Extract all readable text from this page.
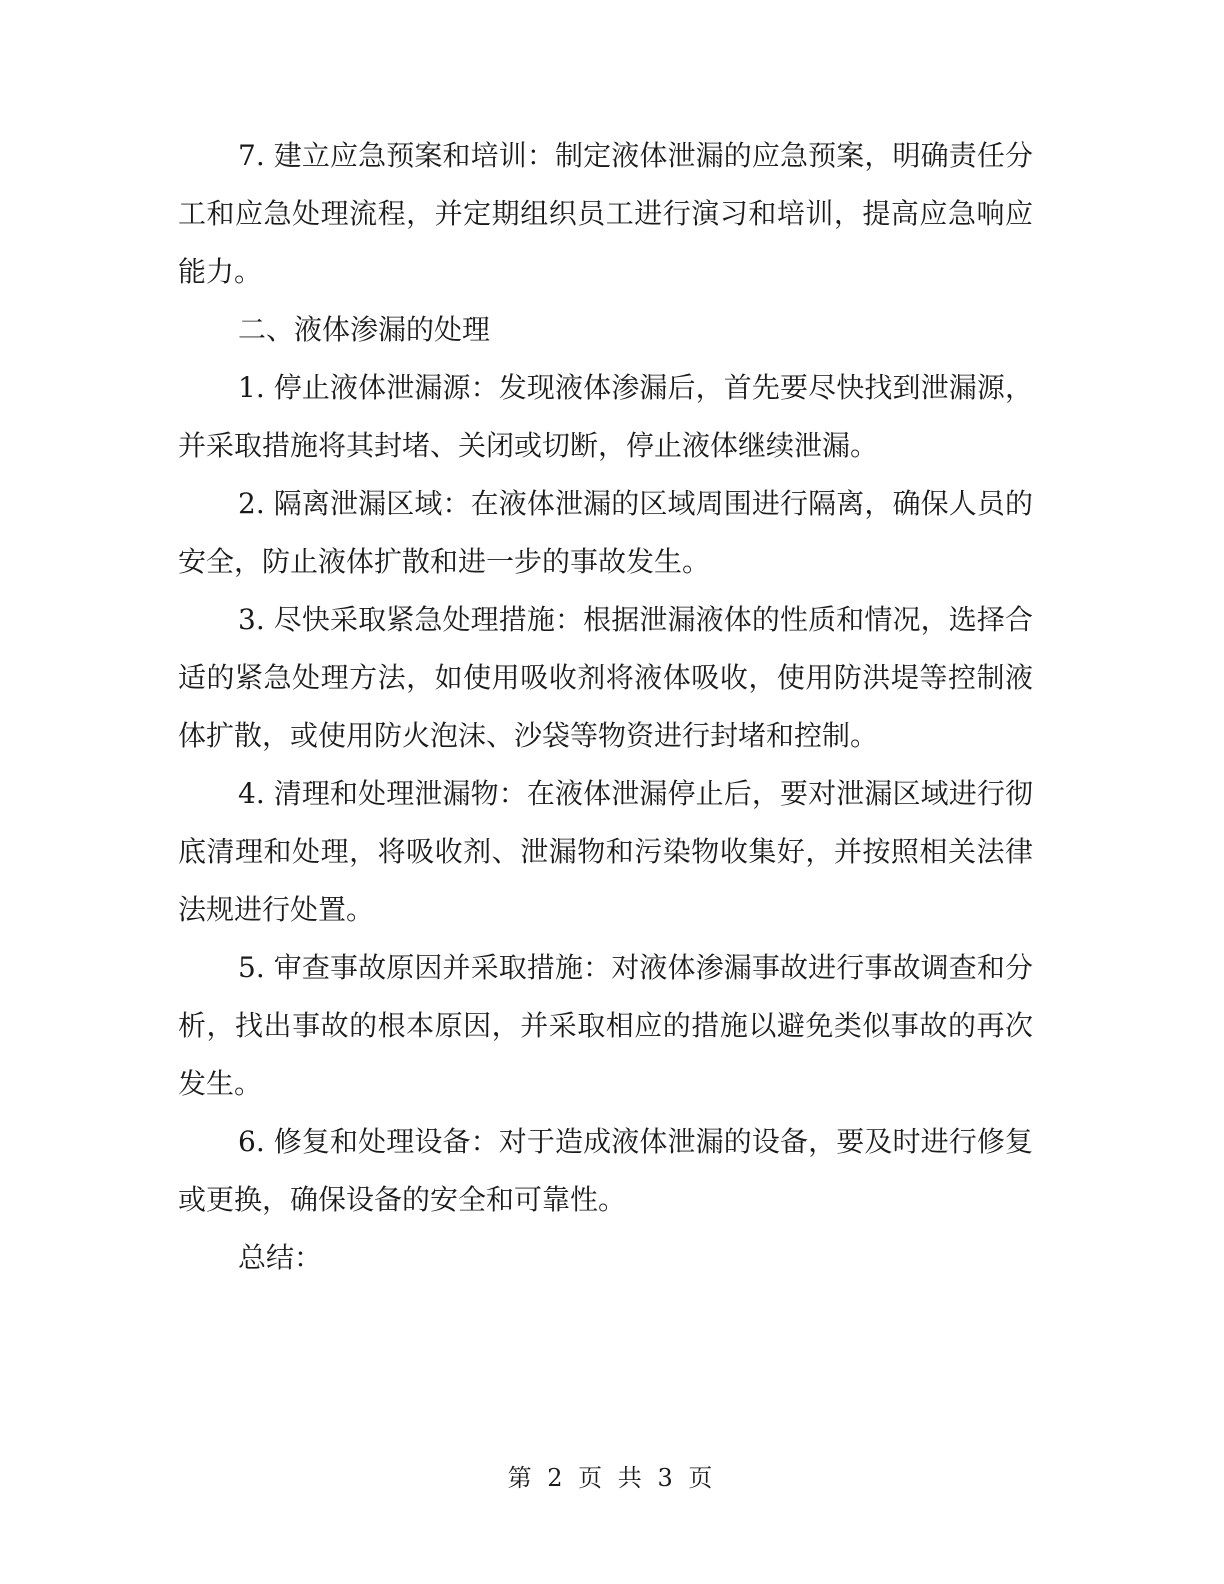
7. 建立应急预案和培训：制定液体泄漏的应急预案，明确责任分工和应急处理流程，并定期组织员工进行演习和培训，提高应急响应能力。

二、液体渗漏的处理

1. 停止液体泄漏源：发现液体渗漏后，首先要尽快找到泄漏源，并采取措施将其封堵、关闭或切断，停止液体继续泄漏。

2. 隔离泄漏区域：在液体泄漏的区域周围进行隔离，确保人员的安全，防止液体扩散和进一步的事故发生。

3. 尽快采取紧急处理措施：根据泄漏液体的性质和情况，选择合适的紧急处理方法，如使用吸收剂将液体吸收，使用防洪堤等控制液体扩散，或使用防火泡沫、沙袋等物资进行封堵和控制。

4. 清理和处理泄漏物：在液体泄漏停止后，要对泄漏区域进行彻底清理和处理，将吸收剂、泄漏物和污染物收集好，并按照相关法律法规进行处置。

5. 审查事故原因并采取措施：对液体渗漏事故进行事故调查和分析，找出事故的根本原因，并采取相应的措施以避免类似事故的再次发生。

6. 修复和处理设备：对于造成液体泄漏的设备，要及时进行修复或更换，确保设备的安全和可靠性。

总结：

第 2 页 共 3 页
